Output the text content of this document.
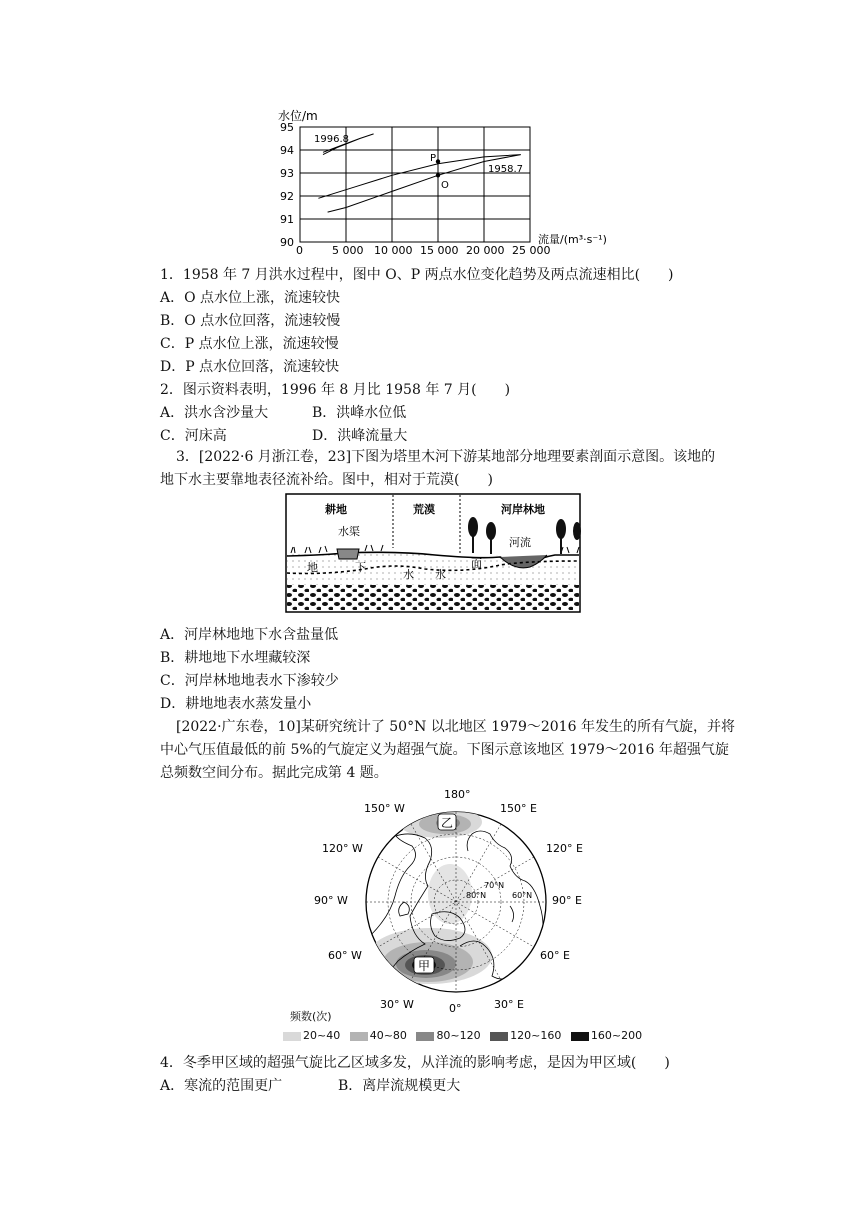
水位/m
95
94
93
92
91
90
0	5 000 10 000 15 000 20 000 25 000
流量/(m³·s⁻¹)
1996.8
1958.7
P
O
1．1958 年 7 月洪水过程中，图中 O、P 两点水位变化趋势及两点流速相比(　　)
A．O 点水位上涨，流速较快
B．O 点水位回落，流速较慢
C．P 点水位上涨，流速较慢
D．P 点水位回落，流速较快
2．图示资料表明，1996 年 8 月比 1958 年 7 月(　　)
A．洪水含沙量大	B．洪峰水位低
C．河床高	D．洪峰流量大
3．[2022·6 月浙江卷，23]下图为塔里木河下游某地部分地理要素剖面示意图。该地的
地下水主要靠地表径流补给。图中，相对于荒漠(　　)
耕地	荒漠	河岸林地
水渠
河流
地	下
水 水
面
A．河岸林地地下水含盐量低
B．耕地地下水埋藏较深
C．河岸林地地表水下渗较少
D．耕地地表水蒸发量小
[2022·广东卷，10]某研究统计了 50°N 以北地区 1979～2016 年发生的所有气旋，并将
中心气压值最低的前 5%的气旋定义为超强气旋。下图示意该地区 1979～2016 年超强气旋
总频数空间分布。据此完成第 4 题。
180°
150° W	150° E
120° W	120° E
90° W	90° E
60° W	60° E
30° W	30° E
0°
80°N
70°N
60°N
乙
甲
频数(次)
20~40	40~80	80~120	120~160	160~200
4．冬季甲区域的超强气旋比乙区域多发，从洋流的影响考虑，是因为甲区域(　　)
A．寒流的范围更广	B．离岸流规模更大
